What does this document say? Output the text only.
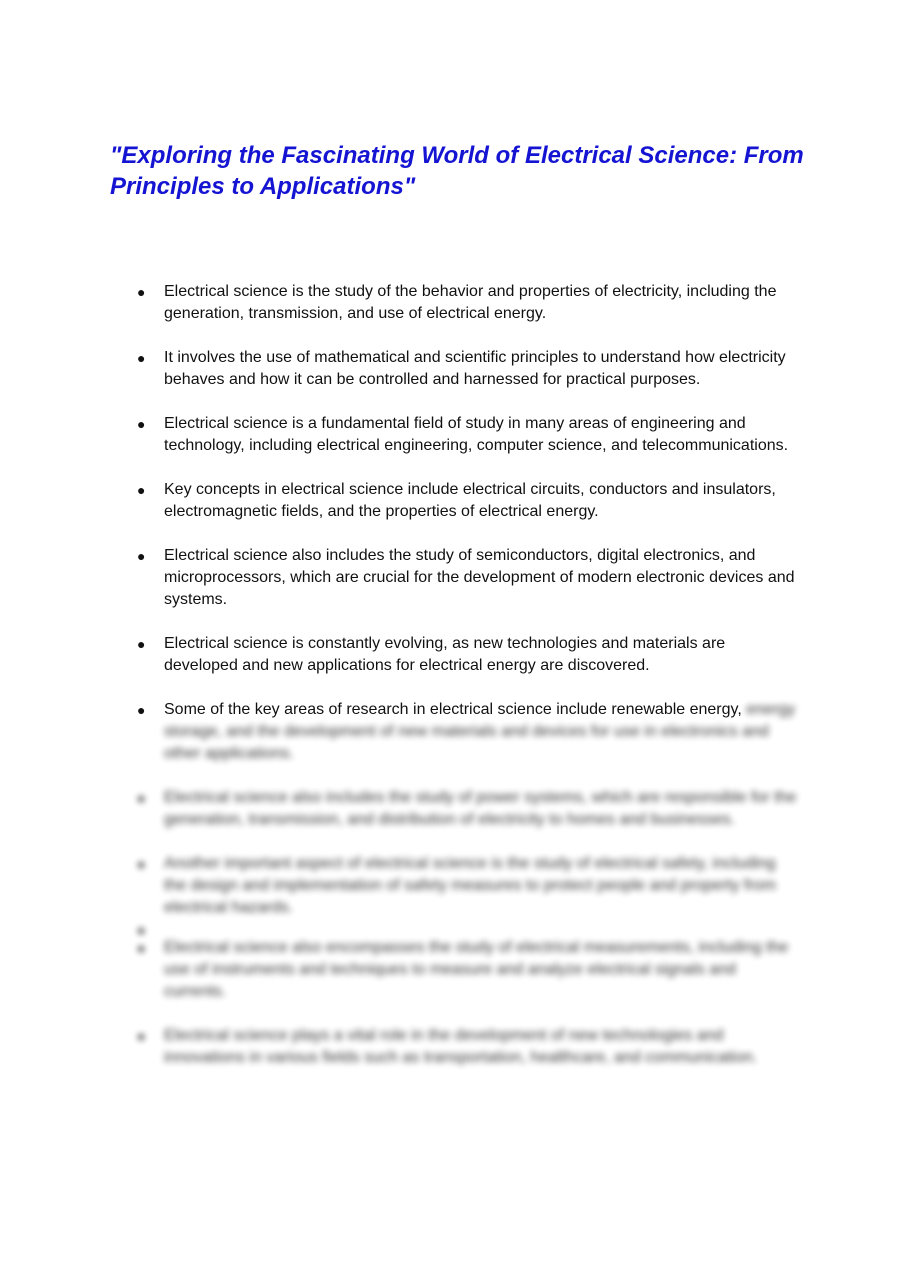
"Exploring the Fascinating World of Electrical Science: From Principles to Applications"
● Electrical science is the study of the behavior and properties of electricity, including the generation, transmission, and use of electrical energy.
● It involves the use of mathematical and scientific principles to understand how electricity behaves and how it can be controlled and harnessed for practical purposes.
● Electrical science is a fundamental field of study in many areas of engineering and technology, including electrical engineering, computer science, and telecommunications.
● Key concepts in electrical science include electrical circuits, conductors and insulators, electromagnetic fields, and the properties of electrical energy.
● Electrical science also includes the study of semiconductors, digital electronics, and microprocessors, which are crucial for the development of modern electronic devices and systems.
● Electrical science is constantly evolving, as new technologies and materials are developed and new applications for electrical energy are discovered.
● Some of the key areas of research in electrical science include renewable energy, energy storage, and the development of new materials and devices for use in electronics and other applications.
● Electrical science also includes the study of power systems, which are responsible for the generation, transmission, and distribution of electricity to homes and businesses.
● Another important aspect of electrical science is the study of electrical safety, including the design and implementation of safety measures to protect people and property from electrical hazards.
●
● Electrical science also encompasses the study of electrical measurements, including the use of instruments and techniques to measure and analyze electrical signals and currents.
● Electrical science plays a vital role in the development of new technologies and innovations in various fields such as transportation, healthcare, and communication.
